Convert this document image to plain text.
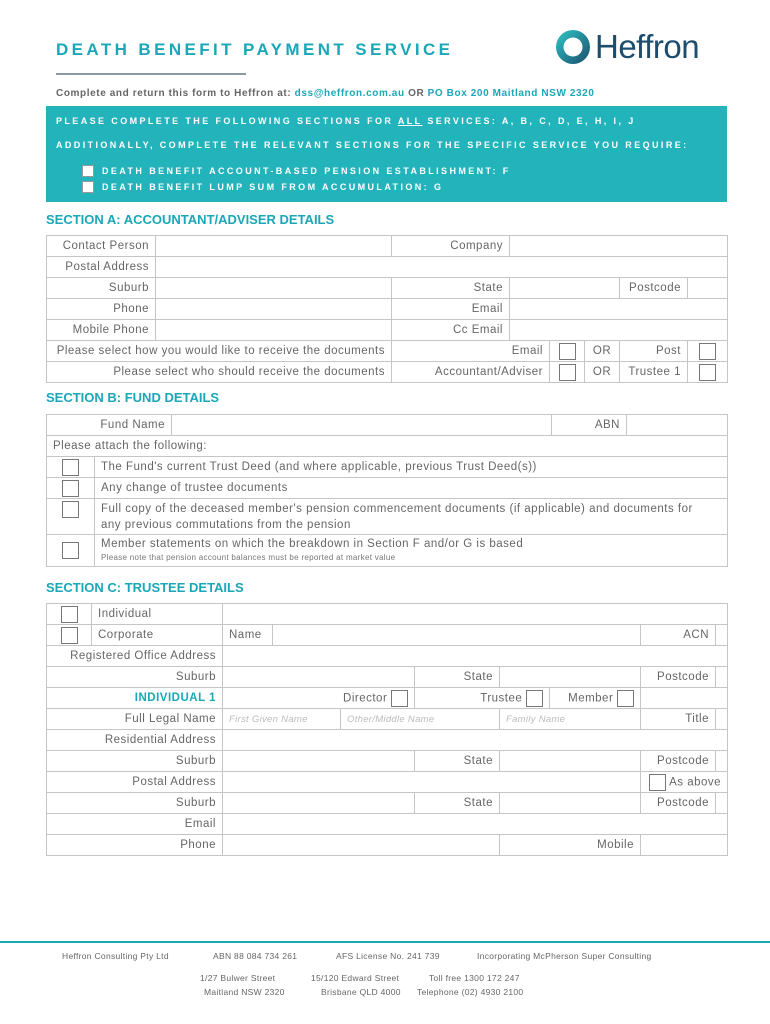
DEATH BENEFIT PAYMENT SERVICE	Heffron
Complete and return this form to Heffron at: dss@heffron.com.au OR PO Box 200 Maitland NSW 2320
PLEASE COMPLETE THE FOLLOWING SECTIONS FOR ALL SERVICES: A, B, C, D, E, H, I, J
ADDITIONALLY, COMPLETE THE RELEVANT SECTIONS FOR THE SPECIFIC SERVICE YOU REQUIRE:
DEATH BENEFIT ACCOUNT-BASED PENSION ESTABLISHMENT: F
DEATH BENEFIT LUMP SUM FROM ACCUMULATION: G
SECTION A: ACCOUNTANT/ADVISER DETAILS
Contact Person		Company					
Postal Address							
Suburb		State				Postcode	
Phone		Email					
Mobile Phone		Cc Email					
Please select how you would like to receive the documents		Email			OR	Post	
Please select who should receive the documents		Accountant/Adviser			OR	Trustee 1	
SECTION B: FUND DETAILS
Fund Name			ABN	
Please attach the following:				
	The Fund's current Trust Deed (and where applicable, previous Trust Deed(s))			
	Any change of trustee documents			

	Full copy of the deceased member's pension commencement documents (if applicable) and documents for
any previous commutations from the pension			

	Member statements on which the breakdown in Section F and/or G is based
Please note that pension account balances must be reported at market value			
SECTION C: TRUSTEE DETAILS
	Individual								
	Corporate	Name						ACN	
Registered Office Address									
Suburb					State			Postcode	
INDIVIDUAL 1		Director			Trustee		Member		
Full Legal Name		First Given Name		Other/Middle Name		Family Name		Title	
Residential Address									
Suburb					State			Postcode	
Postal Address								As above	
Suburb					State			Postcode	
Email									
Phone						Mobile			
Heffron Consulting Pty Ltd	ABN 88 084 734 261	AFS License No. 241 739	Incorporating McPherson Super Consulting
1/27 Bulwer Street
Maitland NSW 2320
15/120 Edward Street
Brisbane QLD 4000
Toll free 1300 172 247
Telephone (02) 4930 2100
